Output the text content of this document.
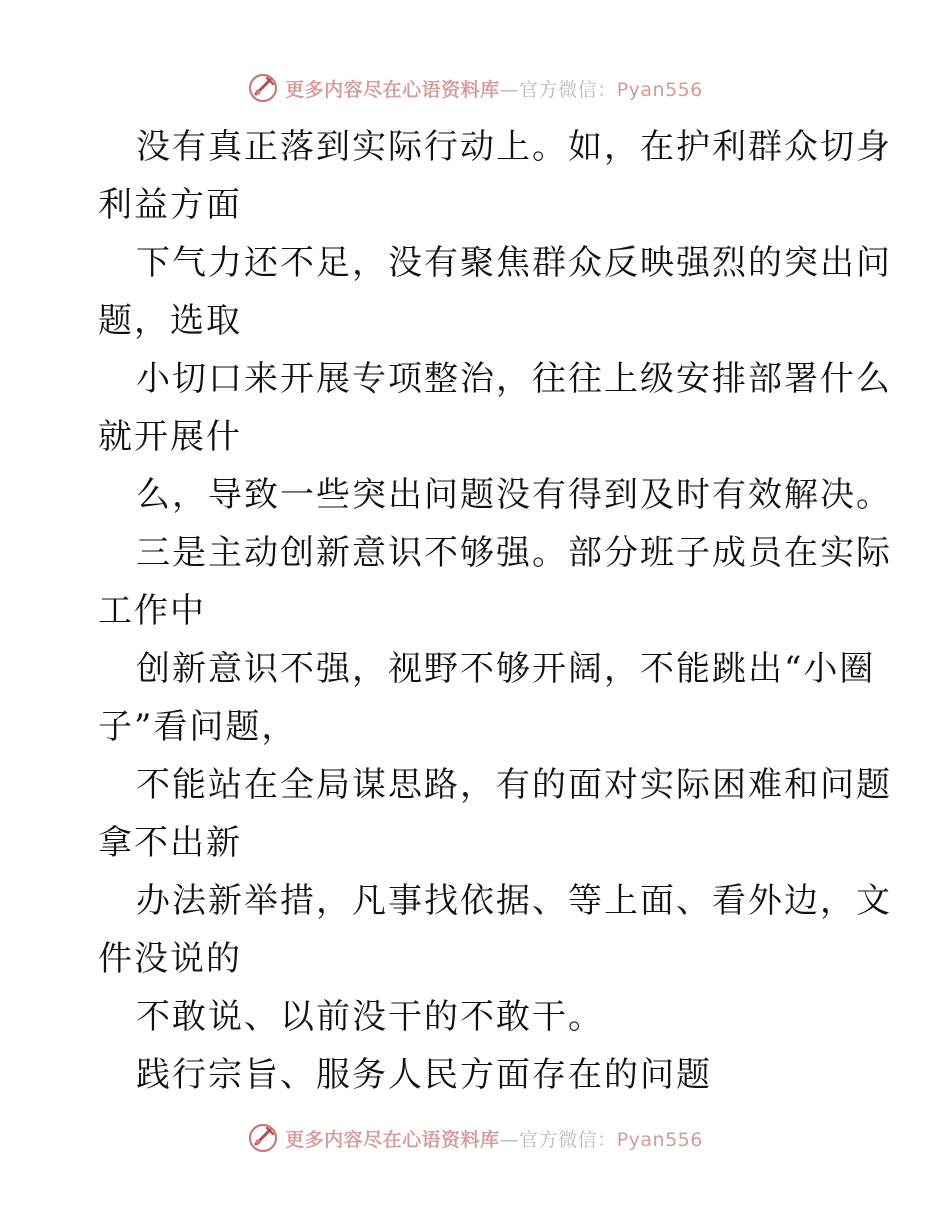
更多内容尽在心语资料库—官方微信：Pyan556
没有真正落到实际行动上。如，在护利群众切身
利益方面
下气力还不足，没有聚焦群众反映强烈的突出问
题，选取
小切口来开展专项整治，往往上级安排部署什么
就开展什
么，导致一些突出问题没有得到及时有效解决。
三是主动创新意识不够强。部分班子成员在实际
工作中
创新意识不强，视野不够开阔，不能跳出“小圈
子”看问题，
不能站在全局谋思路，有的面对实际困难和问题
拿不出新
办法新举措，凡事找依据、等上面、看外边，文
件没说的
不敢说、以前没干的不敢干。
践行宗旨、服务人民方面存在的问题
更多内容尽在心语资料库—官方微信：Pyan556
